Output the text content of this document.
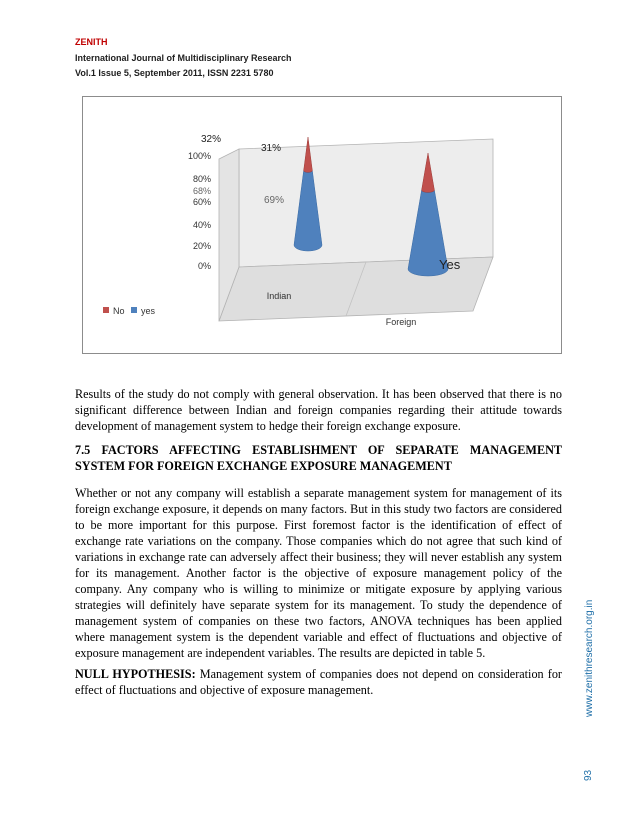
ZENITH
International Journal of Multidisciplinary Research
Vol.1 Issue 5, September 2011, ISSN 2231 5780
100%
80%
60%
40%
20%
0%
32%
31%
68%
69%
Indian
Foreign
Yes
No yes

Results of the study do not comply with general observation. It has been observed that there is no significant difference between Indian and foreign companies regarding their attitude towards development of management system to hedge their foreign exchange exposure.

7.5 FACTORS AFFECTING ESTABLISHMENT OF SEPARATE MANAGEMENT SYSTEM FOR FOREIGN EXCHANGE EXPOSURE MANAGEMENT

Whether or not any company will establish a separate management system for management of its foreign exchange exposure, it depends on many factors. But in this study two factors are considered to be more important for this purpose. First foremost factor is the identification of effect of exchange rate variations on the company. Those companies which do not agree that such kind of variations in exchange rate can adversely affect their business; they will never establish any system for its management. Another factor is the objective of exposure management policy of the company. Any company who is willing to minimize or mitigate exposure by applying various strategies will definitely have separate system for its management. To study the dependence of management system of companies on these two factors, ANOVA techniques has been applied where management system is the dependent variable and effect of fluctuations and objective of exposure management are independent variables. The results are depicted in table 5.

NULL HYPOTHESIS: Management system of companies does not depend on consideration for effect of fluctuations and objective of exposure management.	www.zenithresearch.org.in
93
